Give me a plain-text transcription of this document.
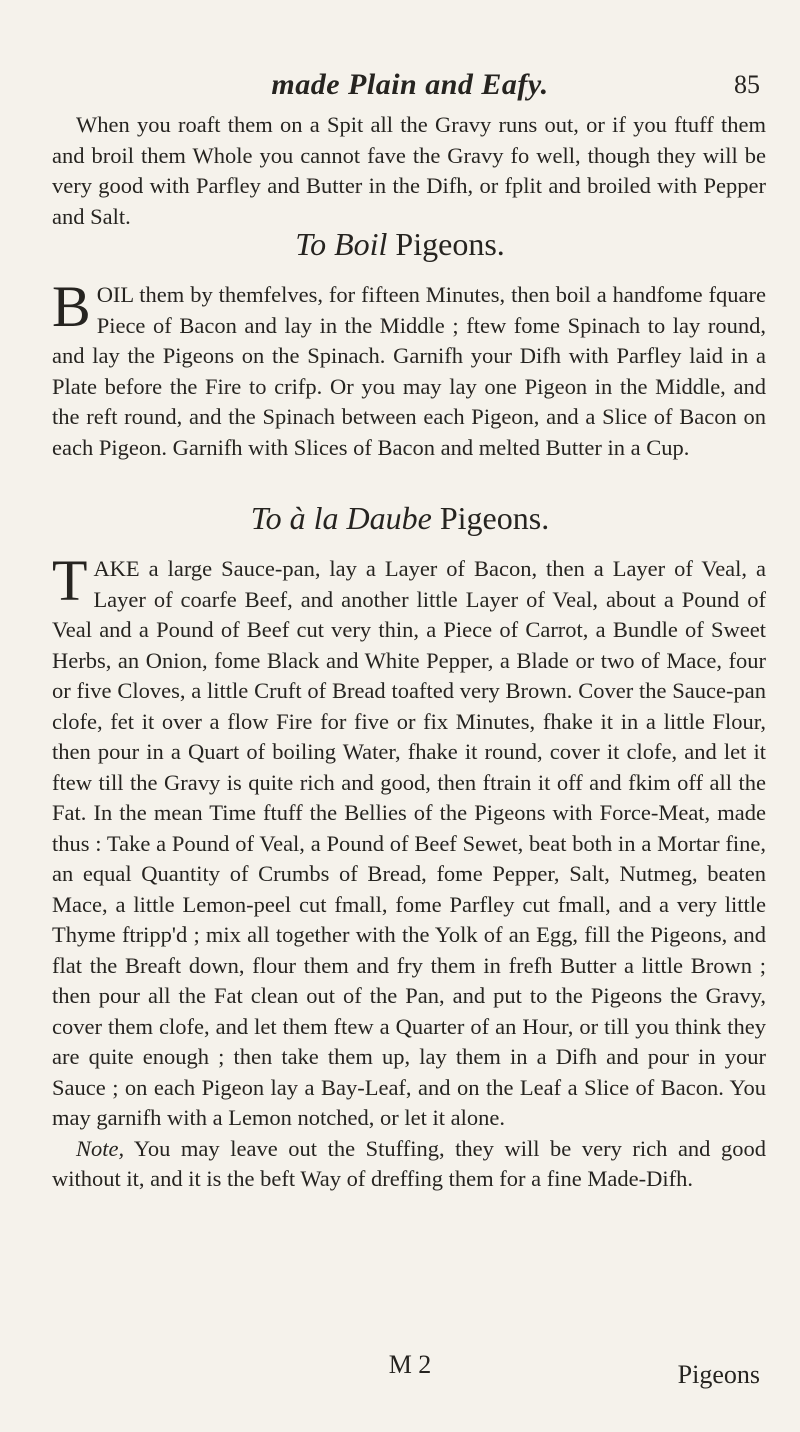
made Plain and Eafy.	85

When you roaft them on a Spit all the Gravy runs out, or if you ftuff them and broil them Whole you cannot fave the Gravy fo well, though they will be very good with Parfley and Butter in the Difh, or fplit and broiled with Pepper and Salt.

To Boil Pigeons.

BOIL them by themfelves, for fifteen Minutes, then boil a handfome fquare Piece of Bacon and lay in the Middle ; ftew fome Spinach to lay round, and lay the Pigeons on the Spinach. Garnifh your Difh with Parfley laid in a Plate before the Fire to crifp. Or you may lay one Pigeon in the Middle, and the reft round, and the Spinach between each Pigeon, and a Slice of Bacon on each Pigeon. Garnifh with Slices of Bacon and melted Butter in a Cup.

To à la Daube Pigeons.

TAKE a large Sauce-pan, lay a Layer of Bacon, then a Layer of Veal, a Layer of coarfe Beef, and another little Layer of Veal, about a Pound of Veal and a Pound of Beef cut very thin, a Piece of Carrot, a Bundle of Sweet Herbs, an Onion, fome Black and White Pepper, a Blade or two of Mace, four or five Cloves, a little Cruft of Bread toafted very Brown. Cover the Sauce-pan clofe, fet it over a flow Fire for five or fix Minutes, fhake it in a little Flour, then pour in a Quart of boiling Water, fhake it round, cover it clofe, and let it ftew till the Gravy is quite rich and good, then ftrain it off and fkim off all the Fat. In the mean Time ftuff the Bellies of the Pigeons with Force-Meat, made thus : Take a Pound of Veal, a Pound of Beef Sewet, beat both in a Mortar fine, an equal Quantity of Crumbs of Bread, fome Pepper, Salt, Nutmeg, beaten Mace, a little Lemon-peel cut fmall, fome Parfley cut fmall, and a very little Thyme ftripp'd ; mix all together with the Yolk of an Egg, fill the Pigeons, and flat the Breaft down, flour them and fry them in frefh Butter a little Brown ; then pour all the Fat clean out of the Pan, and put to the Pigeons the Gravy, cover them clofe, and let them ftew a Quarter of an Hour, or till you think they are quite enough ; then take them up, lay them in a Difh and pour in your Sauce ; on each Pigeon lay a Bay-Leaf, and on the Leaf a Slice of Bacon. You may garnifh with a Lemon notched, or let it alone.

Note, You may leave out the Stuffing, they will be very rich and good without it, and it is the beft Way of dreffing them for a fine Made-Difh.

M 2	Pigeons
